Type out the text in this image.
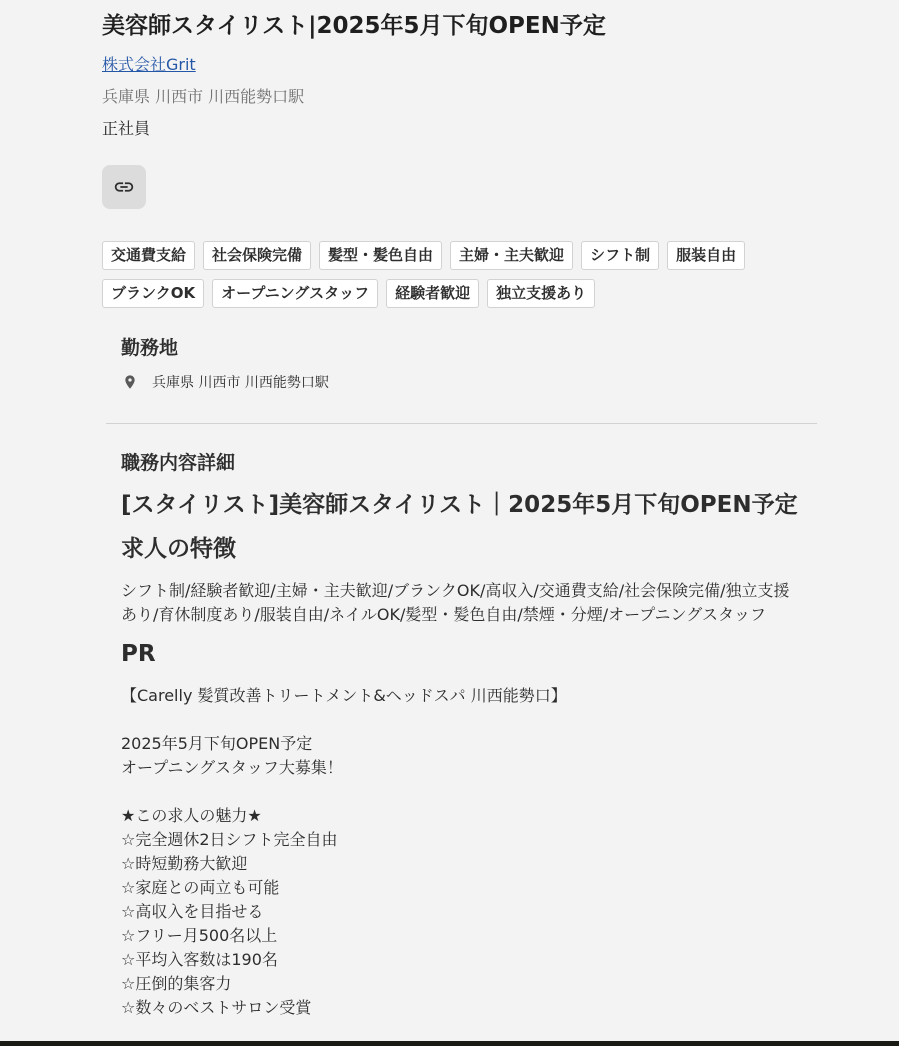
美容師スタイリスト|2025年5月下旬OPEN予定
株式会社Grit
兵庫県 川西市 川西能勢口駅
正社員
交通費支給	社会保険完備	髪型・髪色自由	主婦・主夫歓迎	シフト制	服装自由
ブランクOK	オープニングスタッフ	経験者歓迎	独立支援あり
勤務地
兵庫県 川西市 川西能勢口駅
職務内容詳細
[スタイリスト]美容師スタイリスト｜2025年5月下旬OPEN予定
求人の特徴
シフト制/経験者歓迎/主婦・主夫歓迎/ブランクOK/高収入/交通費支給/社会保険完備/独立支援あり/育休制度あり/服装自由/ネイルOK/髪型・髪色自由/禁煙・分煙/オープニングスタッフ
PR
【Carelly 髪質改善トリートメント&ヘッドスパ 川西能勢口】
2025年5月下旬OPEN予定
オープニングスタッフ大募集！
★この求人の魅力★
☆完全週休2日シフト完全自由
☆時短勤務大歓迎
☆家庭との両立も可能
☆高収入を目指せる
☆フリー月500名以上
☆平均入客数は190名
☆圧倒的集客力
☆数々のベストサロン受賞
